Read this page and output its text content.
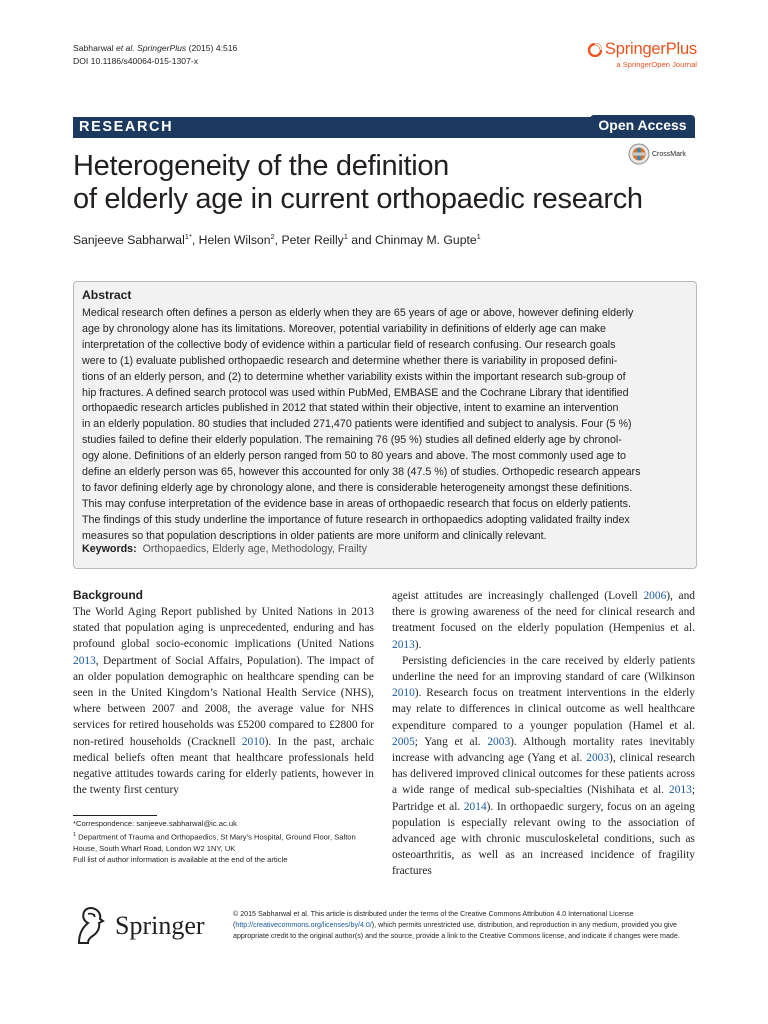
Sabharwal et al. SpringerPlus (2015) 4:516
DOI 10.1186/s40064-015-1307-x
SpringerPlus
a SpringerOpen Journal
RESEARCH	Open Access
CrossMark
Heterogeneity of the definition
of elderly age in current orthopaedic research
Sanjeeve Sabharwal$^{1*}$, Helen Wilson$^2$, Peter Reilly$^1$ and Chinmay M. Gupte$^1$
Abstract
Medical research often defines a person as elderly when they are 65 years of age or above, however defining elderly
age by chronology alone has its limitations. Moreover, potential variability in definitions of elderly age can make
interpretation of the collective body of evidence within a particular field of research confusing. Our research goals
were to (1) evaluate published orthopaedic research and determine whether there is variability in proposed defini-
tions of an elderly person, and (2) to determine whether variability exists within the important research sub-group of
hip fractures. A defined search protocol was used within PubMed, EMBASE and the Cochrane Library that identified
orthopaedic research articles published in 2012 that stated within their objective, intent to examine an intervention
in an elderly population. 80 studies that included 271,470 patients were identified and subject to analysis. Four (5 %)
studies failed to define their elderly population. The remaining 76 (95 %) studies all defined elderly age by chronol-
ogy alone. Definitions of an elderly person ranged from 50 to 80 years and above. The most commonly used age to
define an elderly person was 65, however this accounted for only 38 (47.5 %) of studies. Orthopedic research appears
to favor defining elderly age by chronology alone, and there is considerable heterogeneity amongst these definitions.
This may confuse interpretation of the evidence base in areas of orthopaedic research that focus on elderly patients.
The findings of this study underline the importance of future research in orthopaedics adopting validated frailty index
measures so that population descriptions in older patients are more uniform and clinically relevant.
Keywords: Orthopaedics, Elderly age, Methodology, Frailty
Background

The World Aging Report published by United Nations in 2013 stated that population aging is unprecedented, enduring and has profound global socio-economic implications (United Nations 2013, Department of Social Affairs, Population). The impact of an older population demographic on healthcare spending can be seen in the United Kingdom’s National Health Service (NHS), where between 2007 and 2008, the average value for NHS services for retired households was £5200 compared to £2800 for non-retired households (Cracknell 2010). In the past, archaic medical beliefs often meant that healthcare professionals held negative attitudes towards caring for elderly patients, however in the twenty first century

ageist attitudes are increasingly challenged (Lovell 2006), and there is growing awareness of the need for clinical research and treatment focused on the elderly population (Hempenius et al. 2013).

Persisting deficiencies in the care received by elderly patients underline the need for an improving standard of care (Wilkinson 2010). Research focus on treatment interventions in the elderly may relate to differences in clinical outcome as well healthcare expenditure compared to a younger population (Hamel et al. 2005; Yang et al. 2003). Although mortality rates inevitably increase with advancing age (Yang et al. 2003), clinical research has delivered improved clinical outcomes for these patients across a wide range of medical sub-specialties (Nishihata et al. 2013; Partridge et al. 2014). In orthopaedic surgery, focus on an ageing population is especially relevant owing to the association of advanced age with chronic musculoskeletal conditions, such as osteoarthritis, as well as an increased incidence of fragility fractures

*Correspondence: sanjeeve.sabharwal@ic.ac.uk
$^1$ Department of Trauma and Orthopaedics, St Mary’s Hospital, Ground Floor, Salton House, South Wharf Road, London W2 1NY, UK
Full list of author information is available at the end of the article
Springer	© 2015 Sabharwal et al. This article is distributed under the terms of the Creative Commons Attribution 4.0 International License (http://creativecommons.org/licenses/by/4.0/), which permits unrestricted use, distribution, and reproduction in any medium, provided you give appropriate credit to the original author(s) and the source, provide a link to the Creative Commons license, and indicate if changes were made.
